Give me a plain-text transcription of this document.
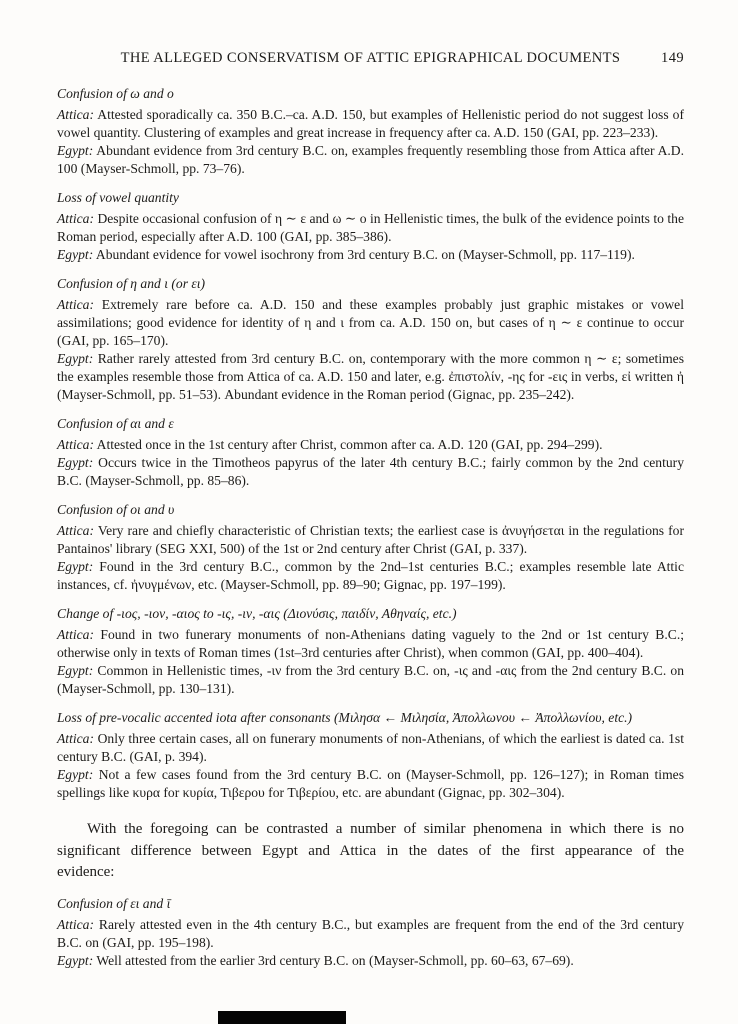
THE ALLEGED CONSERVATISM OF ATTIC EPIGRAPHICAL DOCUMENTS	149
Confusion of ω and o

Attica: Attested sporadically ca. 350 B.C.–ca. A.D. 150, but examples of Hellenistic period do not suggest loss of vowel quantity. Clustering of examples and great increase in frequency after ca. A.D. 150 (GAI, pp. 223–233).

Egypt: Abundant evidence from 3rd century B.C. on, examples frequently resembling those from Attica after A.D. 100 (Mayser-Schmoll, pp. 73–76).

Loss of vowel quantity

Attica: Despite occasional confusion of η ∼ ε and ω ∼ o in Hellenistic times, the bulk of the evidence points to the Roman period, especially after A.D. 100 (GAI, pp. 385–386).

Egypt: Abundant evidence for vowel isochrony from 3rd century B.C. on (Mayser-Schmoll, pp. 117–119).

Confusion of η and ι (or ει)

Attica: Extremely rare before ca. A.D. 150 and these examples probably just graphic mistakes or vowel assimilations; good evidence for identity of η and ι from ca. A.D. 150 on, but cases of η ∼ ε continue to occur (GAI, pp. 165–170).

Egypt: Rather rarely attested from 3rd century B.C. on, contemporary with the more common η ∼ ε; sometimes the examples resemble those from Attica of ca. A.D. 150 and later, e.g. ἐπιστολίν, -ης for -εις in verbs, εἰ written ἠ (Mayser-Schmoll, pp. 51–53). Abundant evidence in the Roman period (Gignac, pp. 235–242).

Confusion of αι and ε

Attica: Attested once in the 1st century after Christ, common after ca. A.D. 120 (GAI, pp. 294–299).

Egypt: Occurs twice in the Timotheos papyrus of the later 4th century B.C.; fairly common by the 2nd century B.C. (Mayser-Schmoll, pp. 85–86).

Confusion of οι and υ

Attica: Very rare and chiefly characteristic of Christian texts; the earliest case is ἀνυγήσεται in the regulations for Pantainos' library (SEG XXI, 500) of the 1st or 2nd century after Christ (GAI, p. 337).

Egypt: Found in the 3rd century B.C., common by the 2nd–1st centuries B.C.; examples resemble late Attic instances, cf. ἠνυγμένων, etc. (Mayser-Schmoll, pp. 89–90; Gignac, pp. 197–199).

Change of -ιος, -ιον, -αιος to -ις, -ιν, -αις (Διονύσις, παιδίν, Αθηναίς, etc.)

Attica: Found in two funerary monuments of non-Athenians dating vaguely to the 2nd or 1st century B.C.; otherwise only in texts of Roman times (1st–3rd centuries after Christ), when common (GAI, pp. 400–404).

Egypt: Common in Hellenistic times, -ιν from the 3rd century B.C. on, -ις and -αις from the 2nd century B.C. on (Mayser-Schmoll, pp. 130–131).

Loss of pre-vocalic accented iota after consonants (Μιλησα ← Μιλησία, Ἀπολλωνου ← Ἀπολλωνίου, etc.)

Attica: Only three certain cases, all on funerary monuments of non-Athenians, of which the earliest is dated ca. 1st century B.C. (GAI, p. 394).

Egypt: Not a few cases found from the 3rd century B.C. on (Mayser-Schmoll, pp. 126–127); in Roman times spellings like κυρα for κυρία, Τιβερου for Τιβερίου, etc. are abundant (Gignac, pp. 302–304).

With the foregoing can be contrasted a number of similar phenomena in which there is no significant difference between Egypt and Attica in the dates of the first appearance of the evidence:

Confusion of ει and ῑ

Attica: Rarely attested even in the 4th century B.C., but examples are frequent from the end of the 3rd century B.C. on (GAI, pp. 195–198).

Egypt: Well attested from the earlier 3rd century B.C. on (Mayser-Schmoll, pp. 60–63, 67–69).
